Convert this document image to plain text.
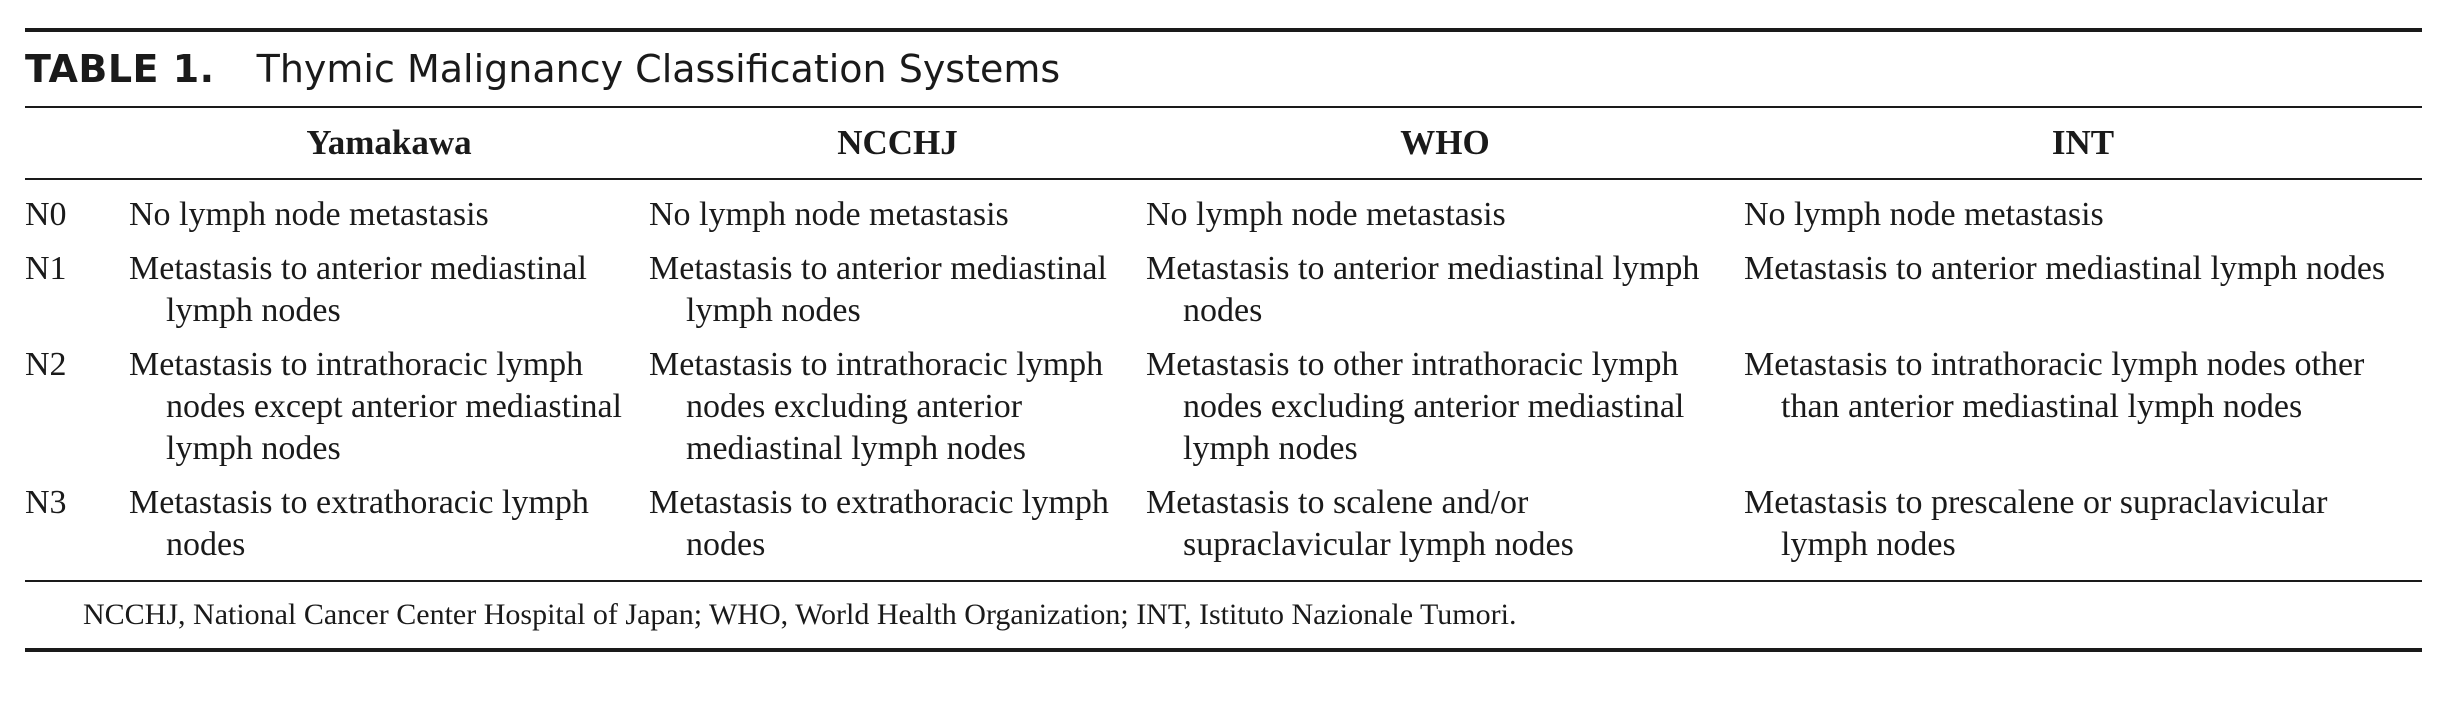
TABLE 1. Thymic Malignancy Classification Systems
	Yamakawa	NCCHJ	WHO	INT
N0	No lymph node metastasis	No lymph node metastasis	No lymph node metastasis	No lymph node metastasis
N1	Metastasis to anterior mediastinal lymph nodes	Metastasis to anterior mediastinal lymph nodes	Metastasis to anterior mediastinal lymph nodes	Metastasis to anterior mediastinal lymph nodes
N2	Metastasis to intrathoracic lymph nodes except anterior mediastinal lymph nodes	Metastasis to intrathoracic lymph nodes excluding anterior mediastinal lymph nodes	Metastasis to other intrathoracic lymph nodes excluding anterior mediastinal lymph nodes	Metastasis to intrathoracic lymph nodes other than anterior mediastinal lymph nodes
N3	Metastasis to extrathoracic lymph nodes	Metastasis to extrathoracic lymph nodes	Metastasis to scalene and/or supraclavicular lymph nodes	Metastasis to prescalene or supraclavicular lymph nodes
NCCHJ, National Cancer Center Hospital of Japan; WHO, World Health Organization; INT, Istituto Nazionale Tumori.
